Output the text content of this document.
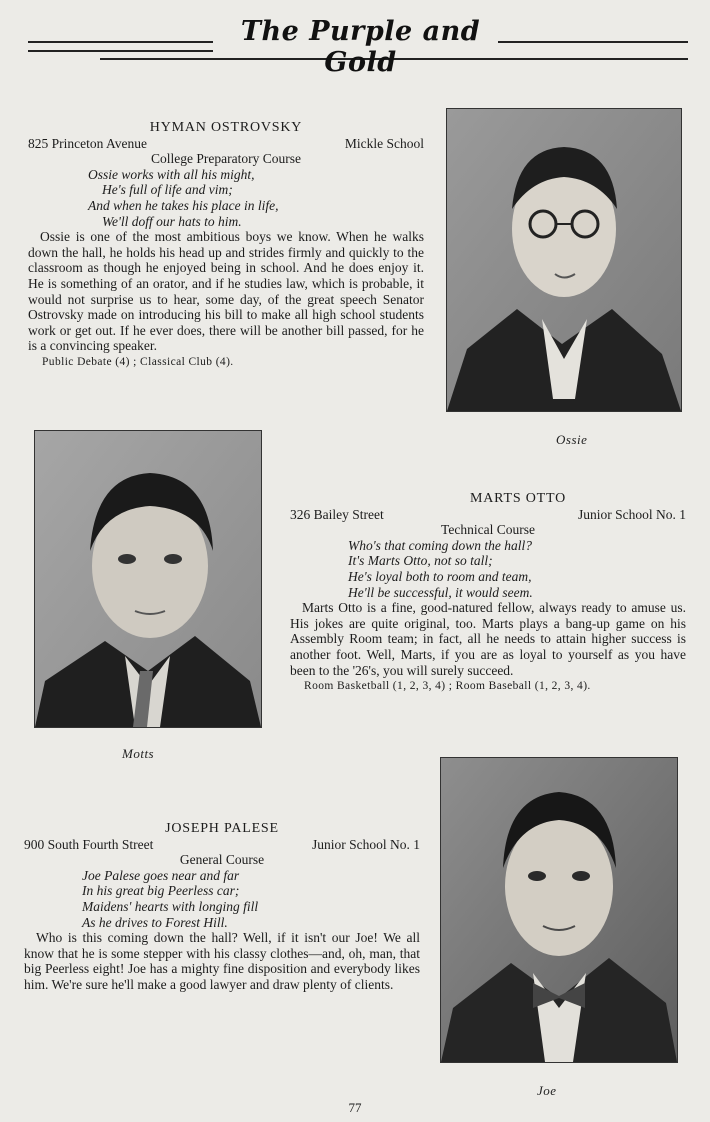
The Purple and Gold
HYMAN OSTROVSKY
825 Princeton Avenue	Mickle School
College Preparatory Course
Ossie works with all his might,
He's full of life and vim;
And when he takes his place in life,
We'll doff our hats to him.

Ossie is one of the most ambitious boys we know. When he walks down the hall, he holds his head up and strides firmly and quickly to the classroom as though he enjoyed being in school. And he does enjoy it. He is something of an orator, and if he studies law, which is probable, it would not surprise us to hear, some day, of the great speech Senator Ostrovsky made on introducing his bill to make all high school students work or get out. If he ever does, there will be another bill passed, for he is a convincing speaker.

Public Debate (4) ; Classical Club (4).
Ossie
Motts
MARTS OTTO
326 Bailey Street	Junior School No. 1
Technical Course
Who's that coming down the hall?
It's Marts Otto, not so tall;
He's loyal both to room and team,
He'll be successful, it would seem.

Marts Otto is a fine, good-natured fellow, always ready to amuse us. His jokes are quite original, too. Marts plays a bang-up game on his Assembly Room team; in fact, all he needs to attain higher success is another foot. Well, Marts, if you are as loyal to yourself as you have been to the '26's, you will surely succeed.

Room Basketball (1, 2, 3, 4) ; Room Baseball (1, 2, 3, 4).
JOSEPH PALESE
900 South Fourth Street	Junior School No. 1
General Course
Joe Palese goes near and far
In his great big Peerless car;
Maidens' hearts with longing fill
As he drives to Forest Hill.

Who is this coming down the hall? Well, if it isn't our Joe! We all know that he is some stepper with his classy clothes—and, oh, man, that big Peerless eight! Joe has a mighty fine disposition and everybody likes him. We're sure he'll make a good lawyer and draw plenty of clients.

Joe
77
